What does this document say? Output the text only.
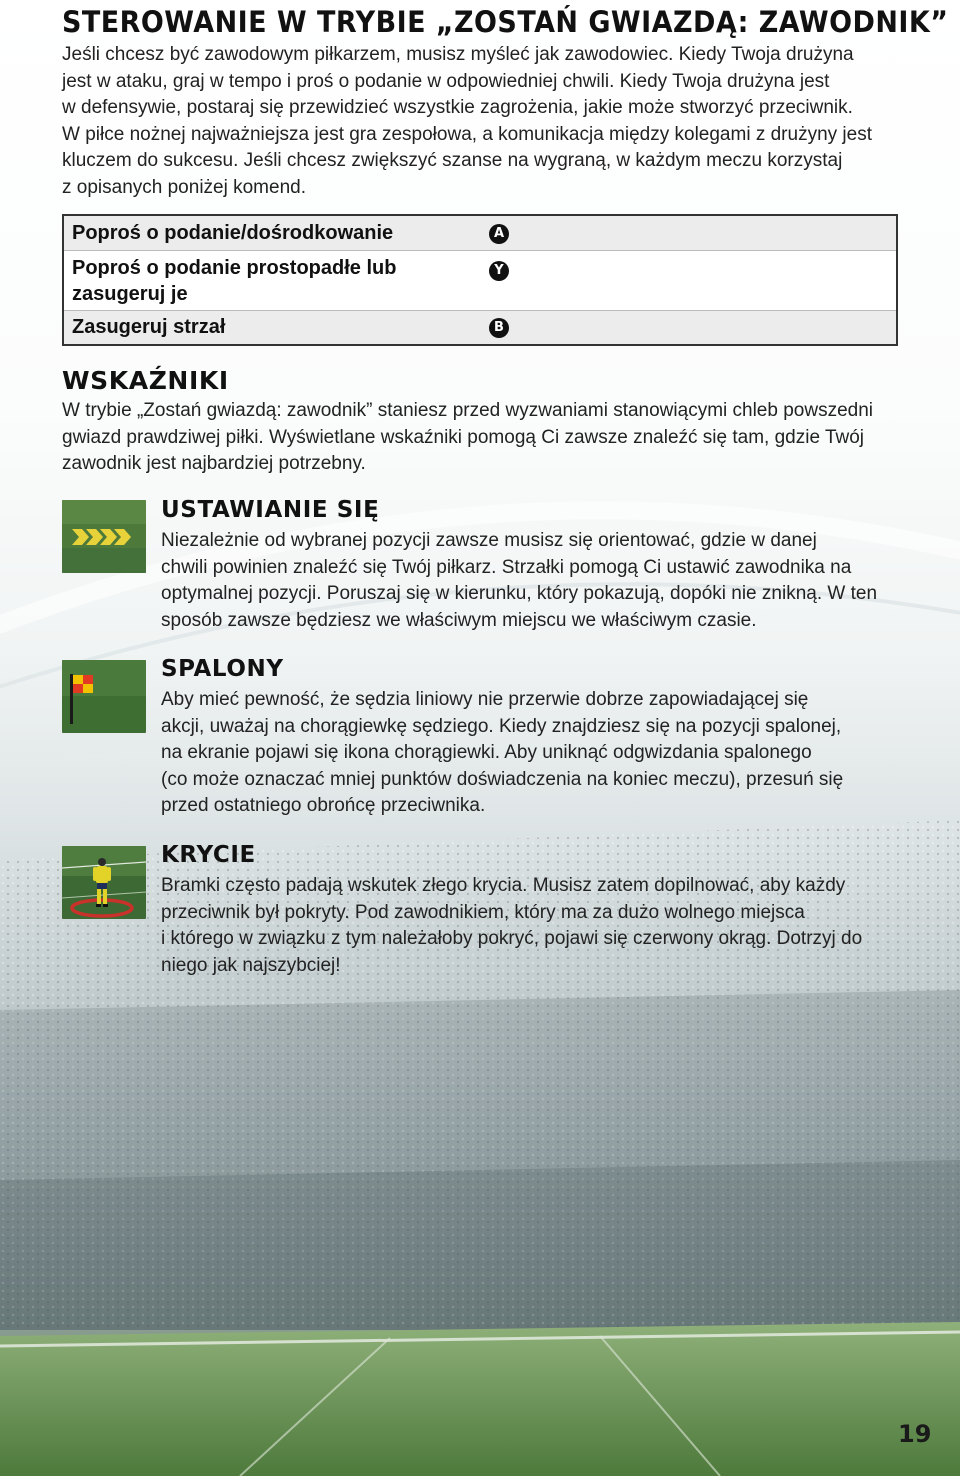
STEROWANIE W TRYBIE „ZOSTAŃ GWIAZDĄ: ZAWODNIK”
Jeśli chcesz być zawodowym piłkarzem, musisz myśleć jak zawodowiec. Kiedy Twoja drużyna
jest w ataku, graj w tempo i proś o podanie w odpowiedniej chwili. Kiedy Twoja drużyna jest
w defensywie, postaraj się przewidzieć wszystkie zagrożenia, jakie może stworzyć przeciwnik.
W piłce nożnej najważniejsza jest gra zespołowa, a komunikacja między kolegami z drużyny jest
kluczem do sukcesu. Jeśli chcesz zwiększyć szanse na wygraną, w każdym meczu korzystaj
z opisanych poniżej komend.
Poproś o podanie/dośrodkowanie	A
Poproś o podanie prostopadłe lub
zasugeruj je
Y
Zasugeruj strzał	B
WSKAŹNIKI
W trybie „Zostań gwiazdą: zawodnik” staniesz przed wyzwaniami stanowiącymi chleb powszedni
gwiazd prawdziwej piłki. Wyświetlane wskaźniki pomogą Ci zawsze znaleźć się tam, gdzie Twój
zawodnik jest najbardziej potrzebny.
USTAWIANIE SIĘ
Niezależnie od wybranej pozycji zawsze musisz się orientować, gdzie w danej
chwili powinien znaleźć się Twój piłkarz. Strzałki pomogą Ci ustawić zawodnika na
optymalnej pozycji. Poruszaj się w kierunku, który pokazują, dopóki nie znikną. W ten
sposób zawsze będziesz we właściwym miejscu we właściwym czasie.
SPALONY
Aby mieć pewność, że sędzia liniowy nie przerwie dobrze zapowiadającej się
akcji, uważaj na chorągiewkę sędziego. Kiedy znajdziesz się na pozycji spalonej,
na ekranie pojawi się ikona chorągiewki. Aby uniknąć odgwizdania spalonego
(co może oznaczać mniej punktów doświadczenia na koniec meczu), przesuń się
przed ostatniego obrońcę przeciwnika.
KRYCIE
Bramki często padają wskutek złego krycia. Musisz zatem dopilnować, aby każdy
przeciwnik był pokryty. Pod zawodnikiem, który ma za dużo wolnego miejsca
i którego w związku z tym należałoby pokryć, pojawi się czerwony okrąg. Dotrzyj do
niego jak najszybciej!
19
